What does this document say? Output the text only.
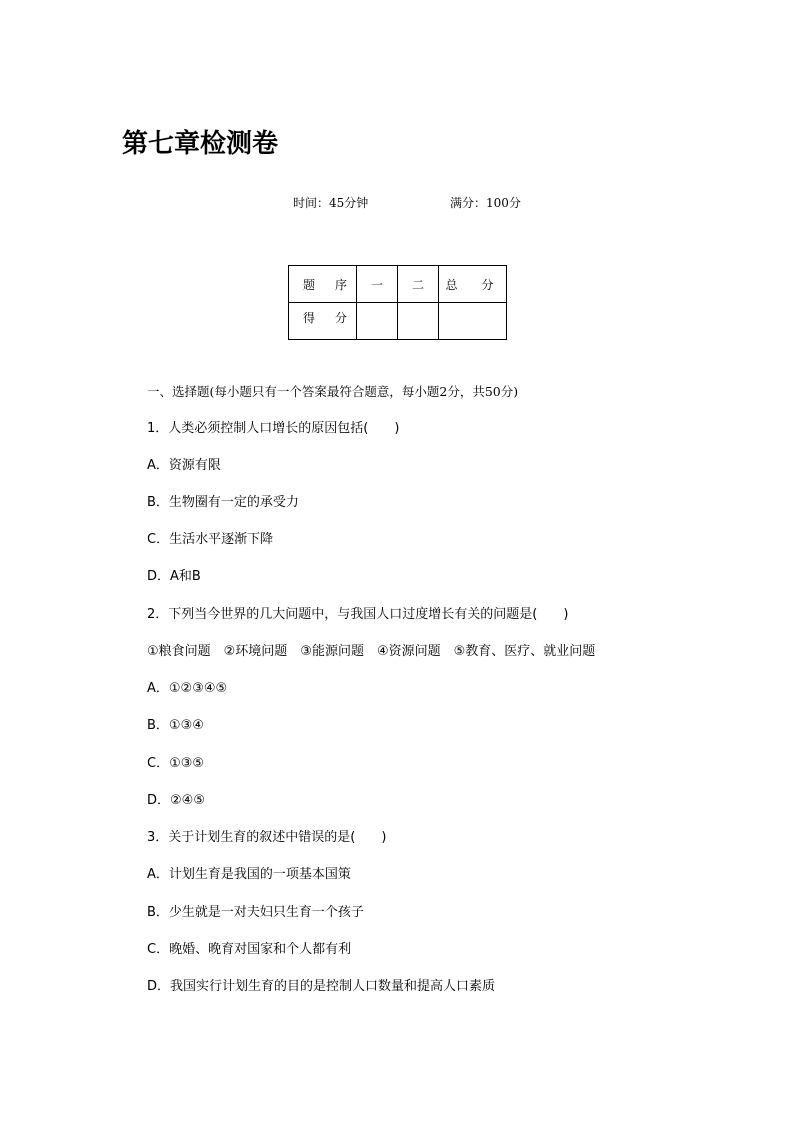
第七章检测卷
时间：45分钟	满分：100分
题　序	一	二	总　分
得　分			
一、选择题(每小题只有一个答案最符合题意，每小题2分，共50分)
1．人类必须控制人口增长的原因包括(　　)
A．资源有限
B．生物圈有一定的承受力
C．生活水平逐渐下降
D．A和B
2．下列当今世界的几大问题中，与我国人口过度增长有关的问题是(　　)
①粮食问题　②环境问题　③能源问题　④资源问题　⑤教育、医疗、就业问题
A．①②③④⑤
B．①③④
C．①③⑤
D．②④⑤
3．关于计划生育的叙述中错误的是(　　)
A．计划生育是我国的一项基本国策
B．少生就是一对夫妇只生育一个孩子
C．晚婚、晚育对国家和个人都有利
D．我国实行计划生育的目的是控制人口数量和提高人口素质
